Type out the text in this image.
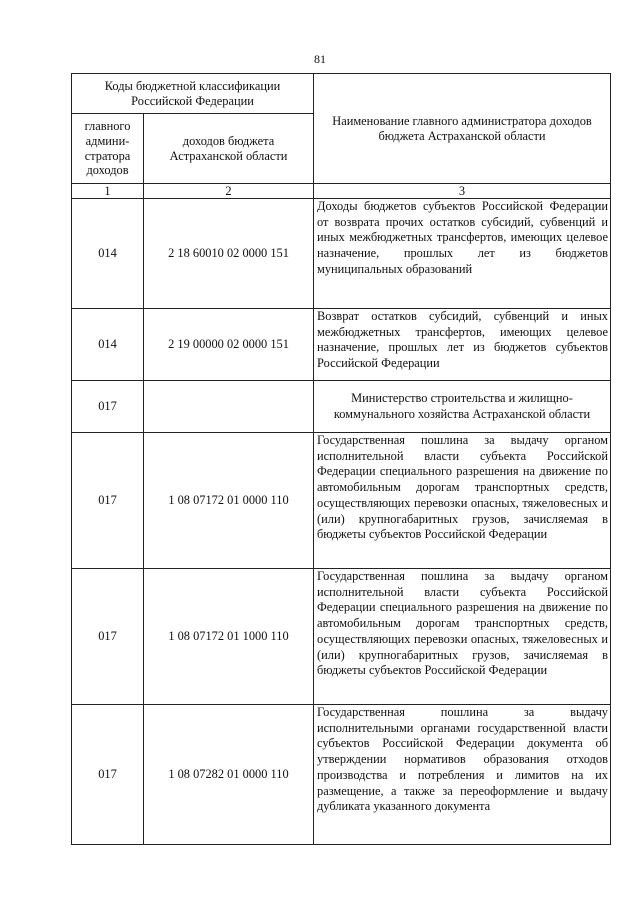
81
Коды бюджетной классификации Российской Федерации		Наименование главного администратора доходов бюджета Астраханской области
главного админи-стратора доходов	доходов бюджета Астраханской области	
1	2	3
014	2 18 60010 02 0000 151	Доходы бюджетов субъектов Российской Федерации от возврата прочих остатков субсидий, субвенций и иных межбюджетных трансфертов, имеющих целевое назначение, прошлых лет из бюджетов муниципальных образований
014	2 19 00000 02 0000 151	Возврат остатков субсидий, субвенций и иных межбюджетных трансфертов, имеющих целевое назначение, прошлых лет из бюджетов субъектов Российской Федерации
017		Министерство строительства и жилищно-коммунального хозяйства Астраханской области
017	1 08 07172 01 0000 110	Государственная пошлина за выдачу органом исполнительной власти субъекта Российской Федерации специального разрешения на движение по автомобильным дорогам транспортных средств, осуществляющих перевозки опасных, тяжеловесных и (или) крупногабаритных грузов, зачисляемая в бюджеты субъектов Российской Федерации
017	1 08 07172 01 1000 110	Государственная пошлина за выдачу органом исполнительной власти субъекта Российской Федерации специального разрешения на движение по автомобильным дорогам транспортных средств, осуществляющих перевозки опасных, тяжеловесных и (или) крупногабаритных грузов, зачисляемая в бюджеты субъектов Российской Федерации
017	1 08 07282 01 0000 110	Государственная пошлина за выдачу исполнительными органами государственной власти субъектов Российской Федерации документа об утверждении нормативов образования отходов производства и потребления и лимитов на их размещение, а также за переоформление и выдачу дубликата указанного документа
